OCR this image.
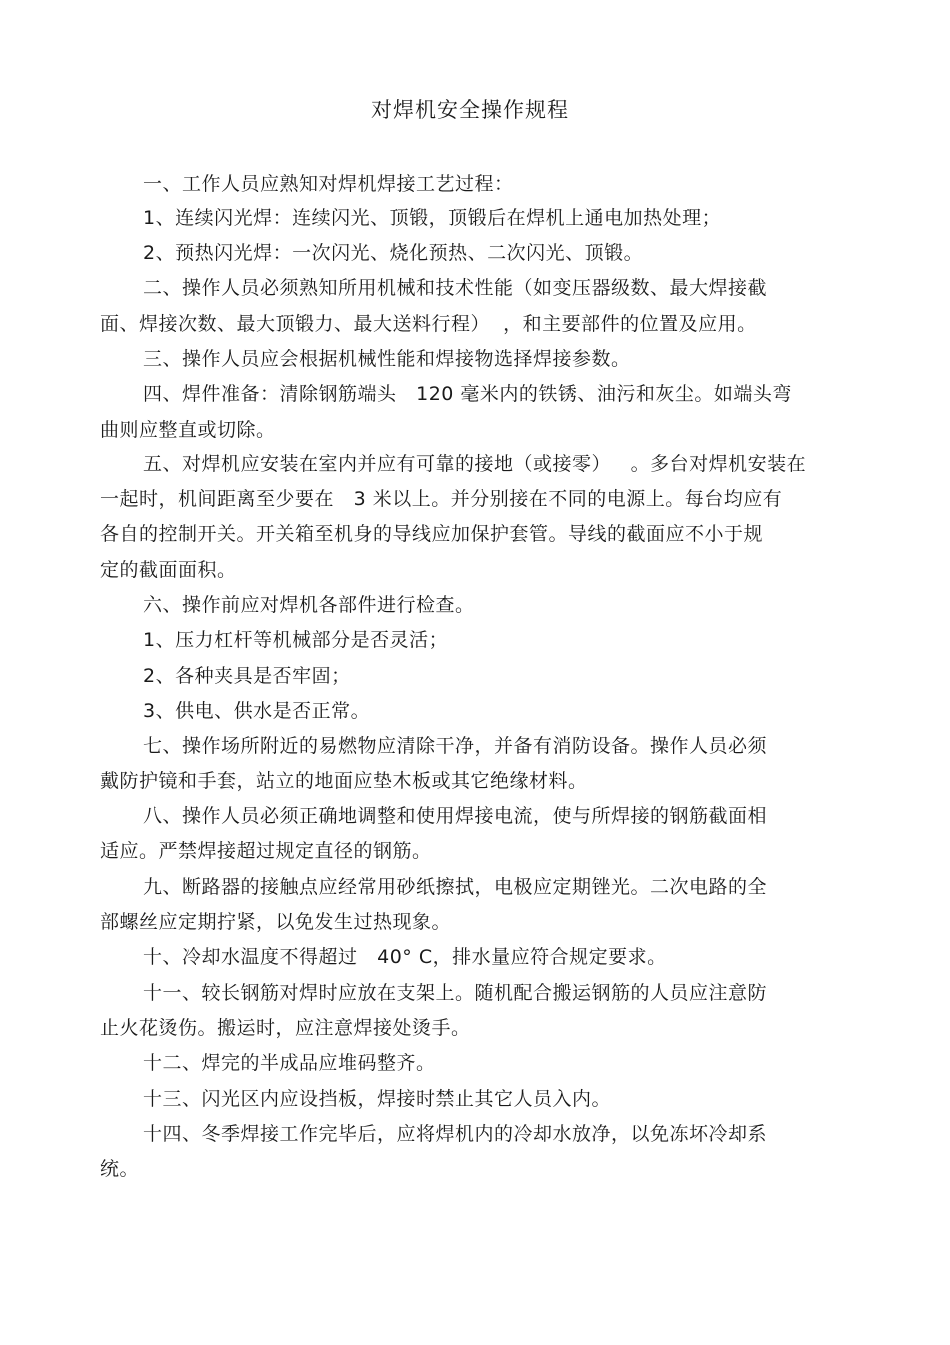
对焊机安全操作规程
一、工作人员应熟知对焊机焊接工艺过程：
1、连续闪光焊：连续闪光、顶锻，顶锻后在焊机上通电加热处理；
2、预热闪光焊：一次闪光、烧化预热、二次闪光、顶锻。
二、操作人员必须熟知所用机械和技术性能（如变压器级数、最大焊接截
面、焊接次数、最大顶锻力、最大送料行程）  ，和主要部件的位置及应用。
三、操作人员应会根据机械性能和焊接物选择焊接参数。
四、焊件准备：清除钢筋端头   120 毫米内的铁锈、油污和灰尘。如端头弯
曲则应整直或切除。
五、对焊机应安装在室内并应有可靠的接地（或接零）   。多台对焊机安装在
一起时，机间距离至少要在   3 米以上。并分别接在不同的电源上。每台均应有
各自的控制开关。开关箱至机身的导线应加保护套管。导线的截面应不小于规
定的截面面积。
六、操作前应对焊机各部件进行检查。
1、压力杠杆等机械部分是否灵活；
2、各种夹具是否牢固；
3、供电、供水是否正常。
七、操作场所附近的易燃物应清除干净，并备有消防设备。操作人员必须
戴防护镜和手套，站立的地面应垫木板或其它绝缘材料。
八、操作人员必须正确地调整和使用焊接电流，使与所焊接的钢筋截面相
适应。严禁焊接超过规定直径的钢筋。
九、断路器的接触点应经常用砂纸擦拭，电极应定期锉光。二次电路的全
部螺丝应定期拧紧，以免发生过热现象。
十、冷却水温度不得超过   40° C，排水量应符合规定要求。
十一、较长钢筋对焊时应放在支架上。随机配合搬运钢筋的人员应注意防
止火花烫伤。搬运时，应注意焊接处烫手。
十二、焊完的半成品应堆码整齐。
十三、闪光区内应设挡板，焊接时禁止其它人员入内。
十四、冬季焊接工作完毕后，应将焊机内的冷却水放净，以免冻坏冷却系
统。
